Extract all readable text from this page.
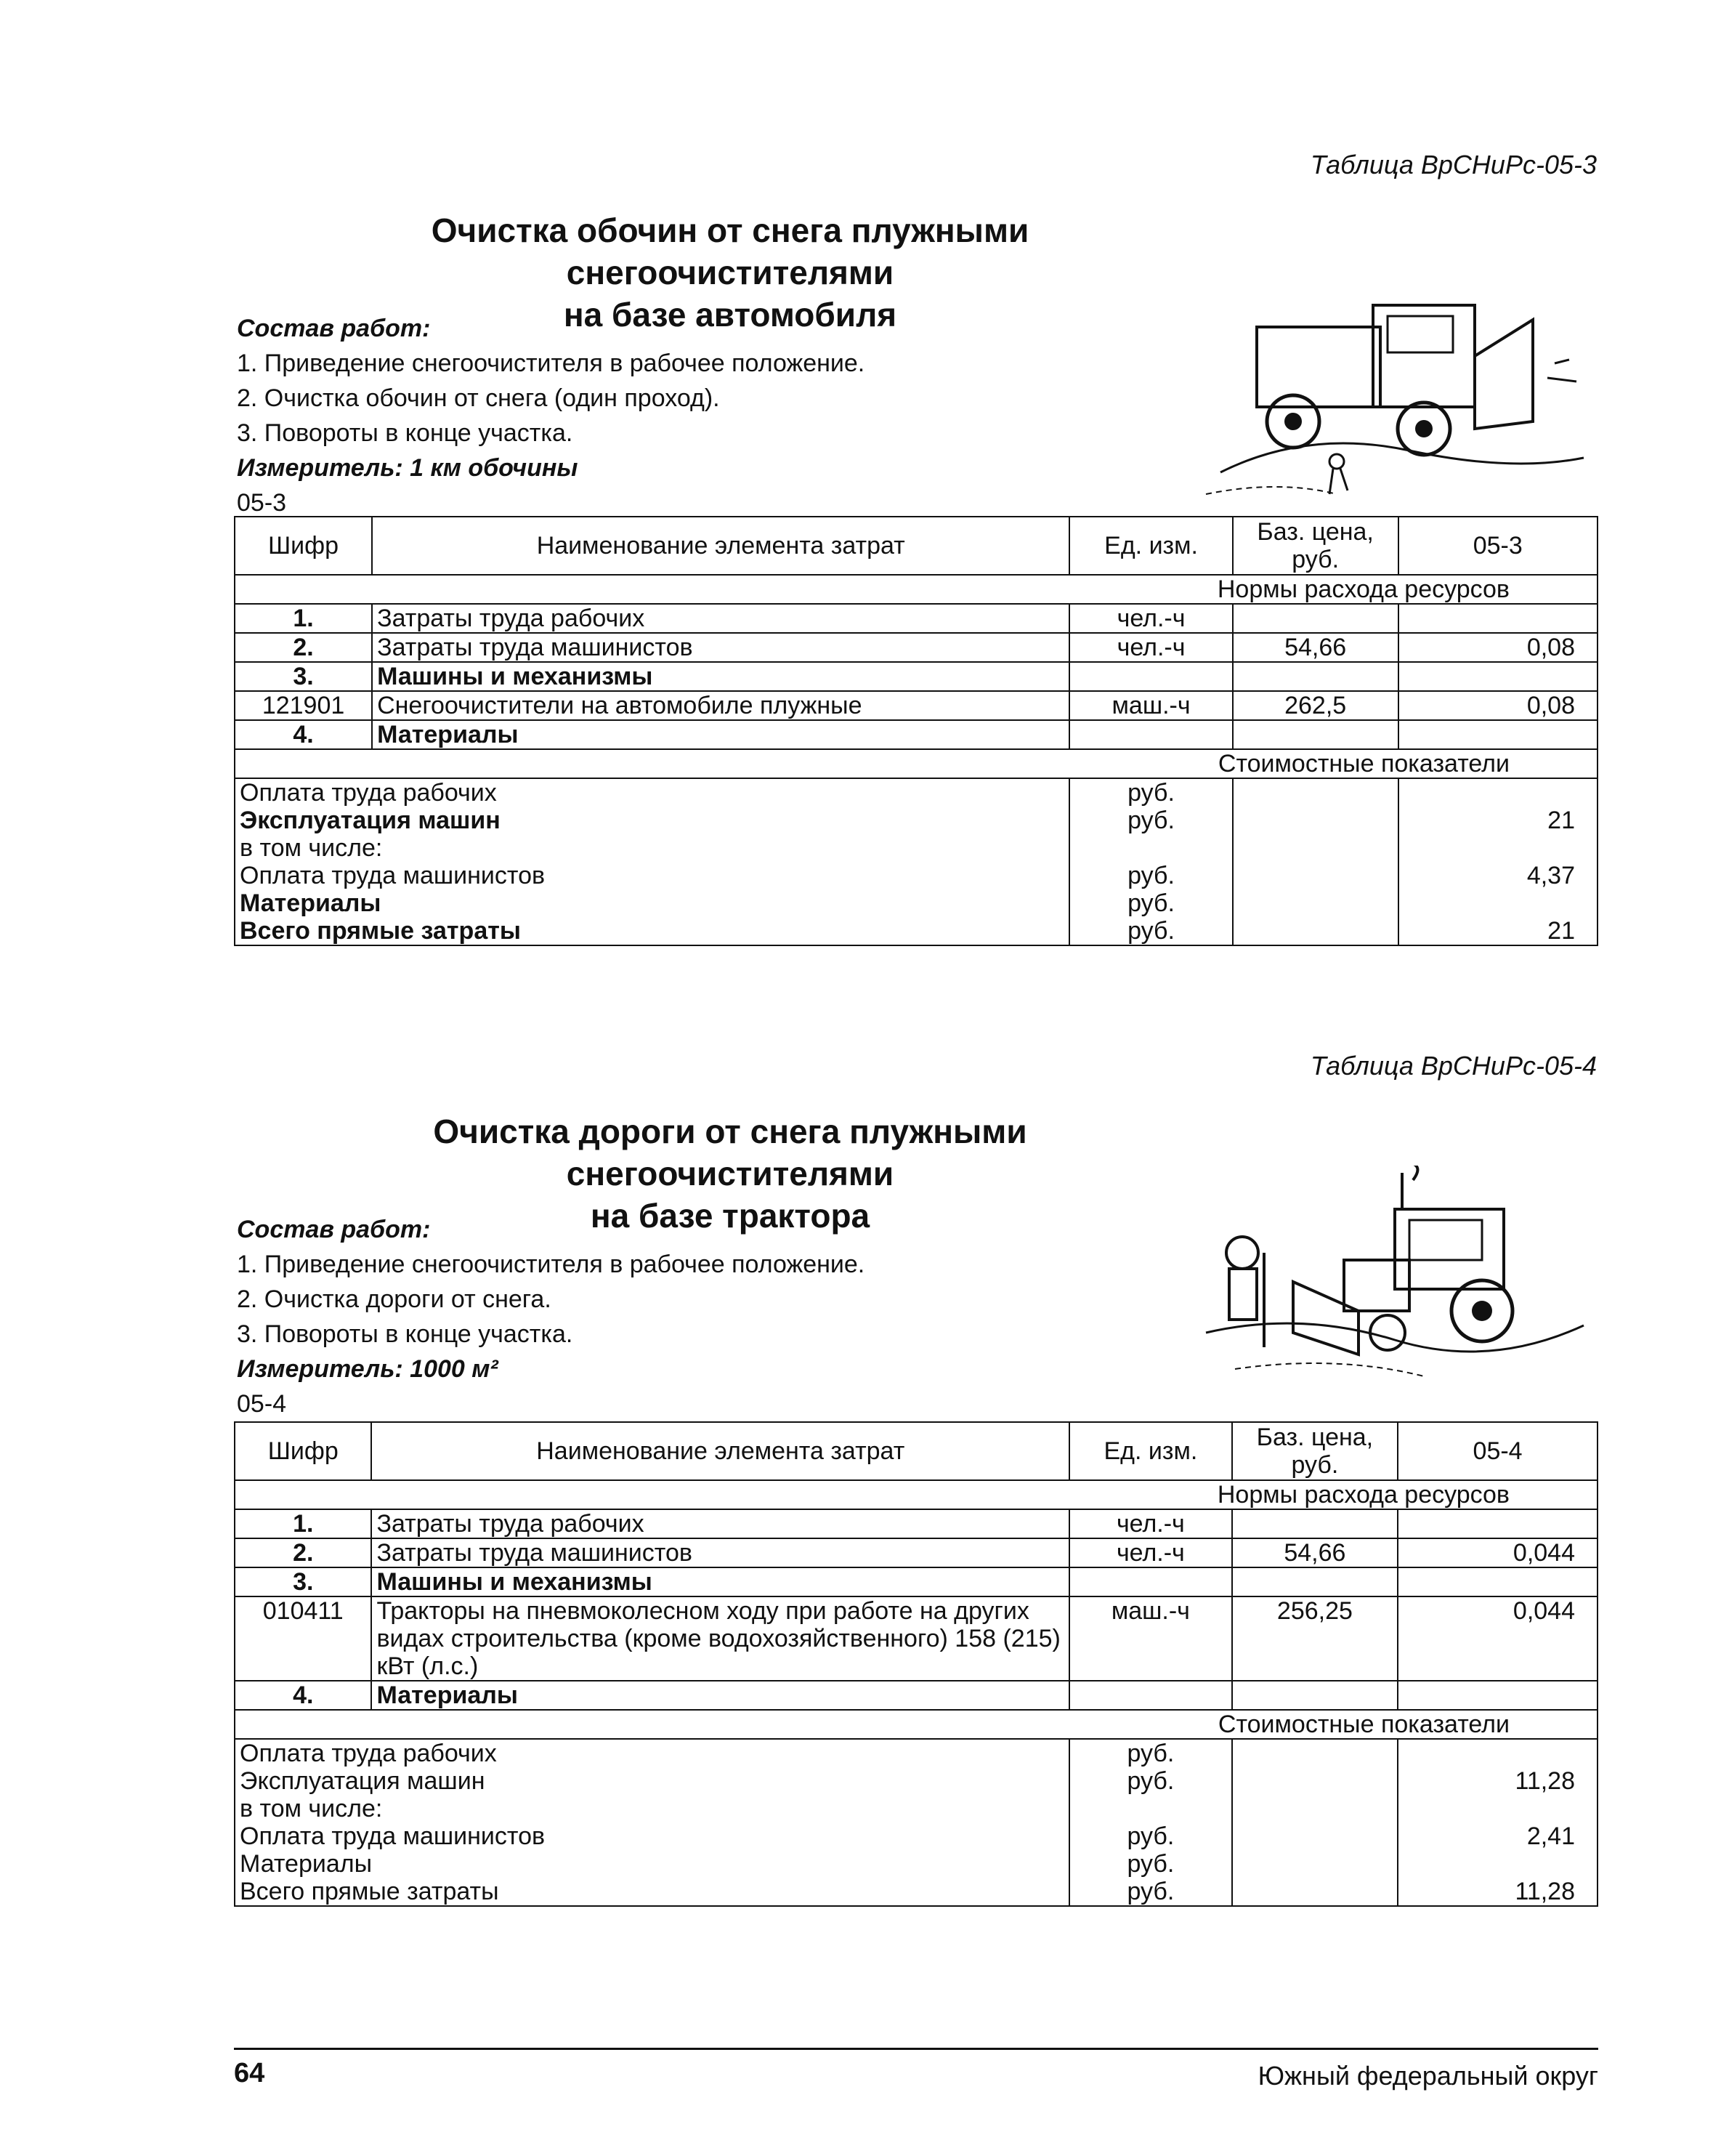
Таблица ВрСНиРс-05-3
Очистка обочин от снега плужными снегоочистителями
на базе автомобиля
Состав работ:
1. Приведение снегоочистителя в рабочее положение.
2. Очистка обочин от снега (один проход).
3. Повороты в конце участка.
Измеритель: 1 км обочины
05-3
Шифр	Наименование элемента затрат	Ед. изм.	Баз. цена, руб.	05-3
Нормы расхода ресурсов				
1.	Затраты труда рабочих	чел.-ч		
2.	Затраты труда машинистов	чел.-ч	54,66	0,08
3.	Машины и механизмы			
121901	Снегоочистители на автомобиле плужные	маш.-ч	262,5	0,08
4.	Материалы			
Стоимостные показатели				
Оплата труда рабочих		руб.		
Эксплуатация машин		руб.		21
в том числе:				
Оплата труда машинистов		руб.		4,37
Материалы		руб.		
Всего прямые затраты		руб.		21
Таблица ВрСНиРс-05-4
Очистка дороги от снега плужными снегоочистителями
на базе трактора
Состав работ:
1. Приведение снегоочистителя в рабочее положение.
2. Очистка дороги от снега.
3. Повороты в конце участка.
Измеритель: 1000 м²
05-4
Шифр	Наименование элемента затрат	Ед. изм.	Баз. цена, руб.	05-4
Нормы расхода ресурсов				
1.	Затраты труда рабочих	чел.-ч		
2.	Затраты труда машинистов	чел.-ч	54,66	0,044
3.	Машины и механизмы			
010411	Тракторы на пневмоколесном ходу при работе на других видах строительства (кроме водохозяйственного) 158 (215) кВт (л.с.)	маш.-ч	256,25	0,044
4.	Материалы			
Стоимостные показатели				
Оплата труда рабочих		руб.		
Эксплуатация машин		руб.		11,28
в том числе:				
Оплата труда машинистов		руб.		2,41
Материалы		руб.		
Всего прямые затраты		руб.		11,28
64	Южный федеральный округ
